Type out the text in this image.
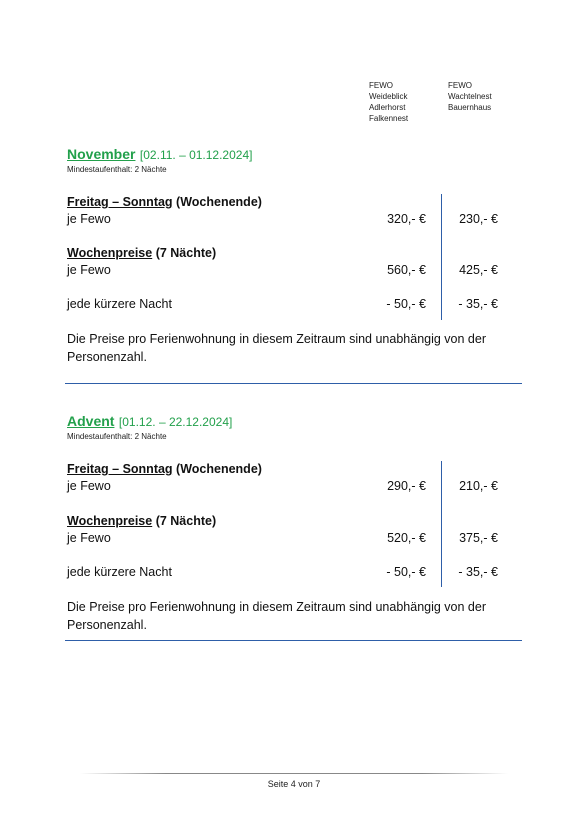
FEWO
Weideblick
Adlerhorst
Falkennest
FEWO
Wachtelnest
Bauernhaus
November [02.11. – 01.12.2024]
Mindestaufenthalt: 2 Nächte
Freitag – Sonntag (Wochenende)
je Fewo	320,- €	230,- €
Wochenpreise (7 Nächte)
je Fewo	560,- €	425,- €
jede kürzere Nacht	- 50,- €	- 35,- €
Die Preise pro Ferienwohnung in diesem Zeitraum sind unabhängig von der
Personenzahl.
Advent [01.12. – 22.12.2024]
Mindestaufenthalt: 2 Nächte
Freitag – Sonntag (Wochenende)
je Fewo	290,- €	210,- €
Wochenpreise (7 Nächte)
je Fewo	520,- €	375,- €
jede kürzere Nacht	- 50,- €	- 35,- €
Die Preise pro Ferienwohnung in diesem Zeitraum sind unabhängig von der
Personenzahl.
Seite 4 von 7
